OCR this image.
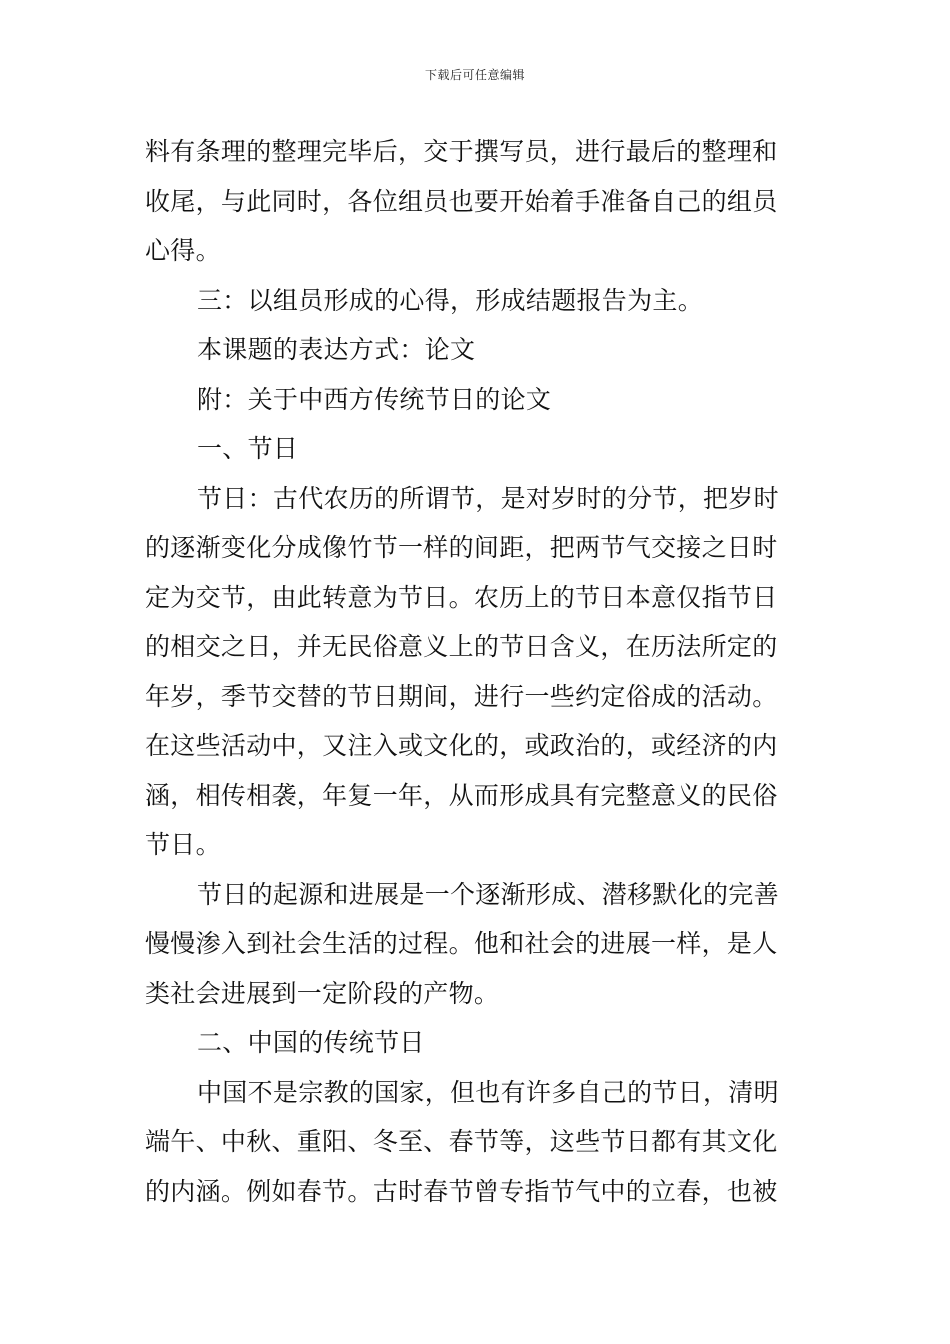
下载后可任意编辑
料有条理的整理完毕后，交于撰写员，进行最后的整理和
收尾，与此同时，各位组员也要开始着手准备自己的组员
心得。
三：以组员形成的心得，形成结题报告为主。
本课题的表达方式：论文
附：关于中西方传统节日的论文
一、节日
节日：古代农历的所谓节，是对岁时的分节，把岁时
的逐渐变化分成像竹节一样的间距，把两节气交接之日时
定为交节，由此转意为节日。农历上的节日本意仅指节日
的相交之日，并无民俗意义上的节日含义，在历法所定的
年岁，季节交替的节日期间，进行一些约定俗成的活动。
在这些活动中，又注入或文化的，或政治的，或经济的内
涵，相传相袭，年复一年，从而形成具有完整意义的民俗
节日。
节日的起源和进展是一个逐渐形成、潜移默化的完善
慢慢渗入到社会生活的过程。他和社会的进展一样，是人
类社会进展到一定阶段的产物。
二、中国的传统节日
中国不是宗教的国家，但也有许多自己的节日，清明
端午、中秋、重阳、冬至、春节等，这些节日都有其文化
的内涵。例如春节。古时春节曾专指节气中的立春，也被
